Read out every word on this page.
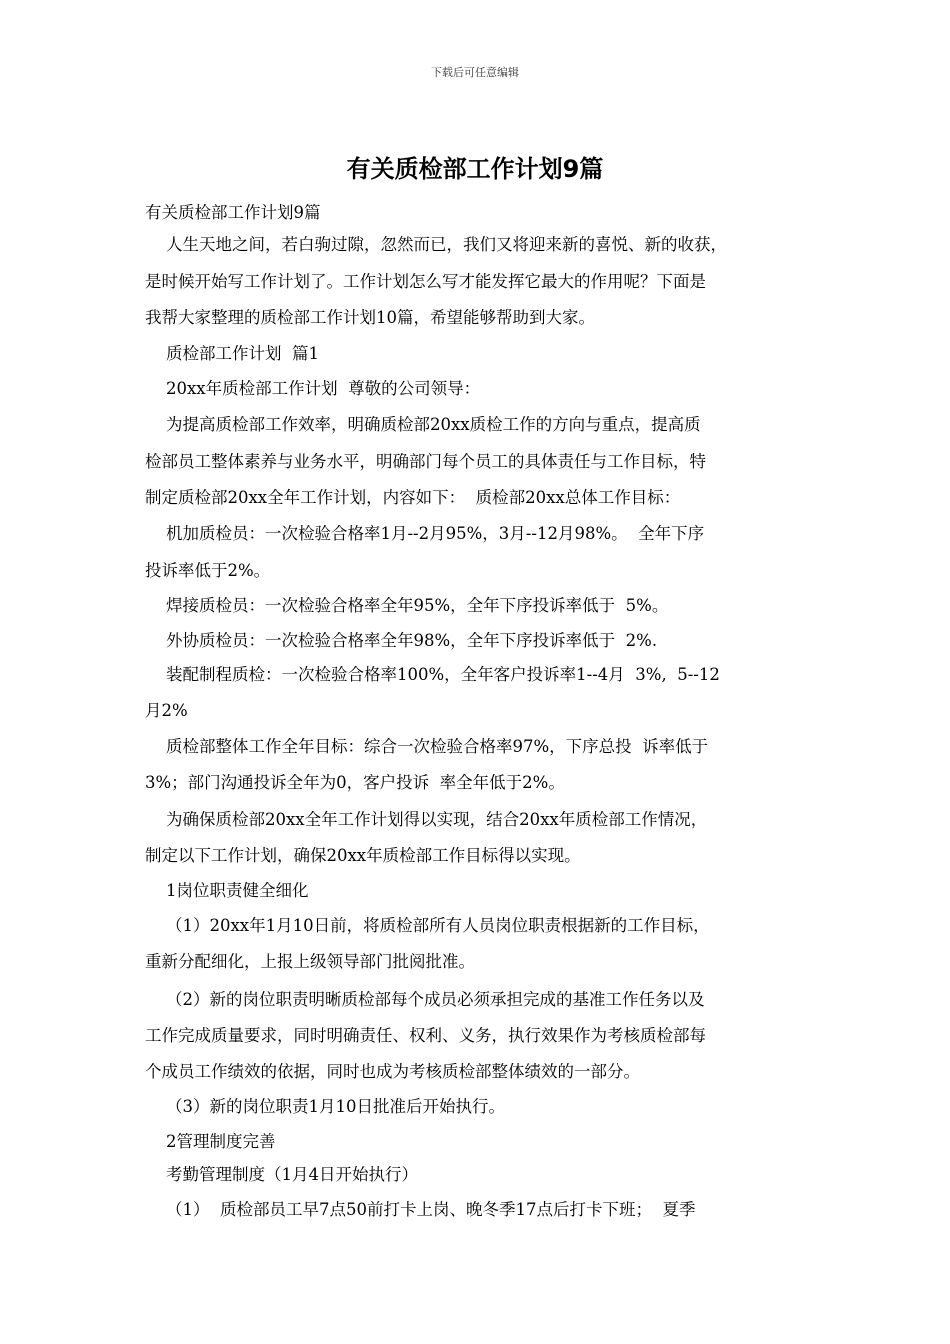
下载后可任意编辑
有关质检部工作计划9篇
有关质检部工作计划9篇
人生天地之间，若白驹过隙，忽然而已，我们又将迎来新的喜悦、新的收获，
是时候开始写工作计划了。工作计划怎么写才能发挥它最大的作用呢？下面是
我帮大家整理的质检部工作计划10篇，希望能够帮助到大家。
质检部工作计划  篇1
20xx年质检部工作计划  尊敬的公司领导：
为提高质检部工作效率，明确质检部20xx质检工作的方向与重点，提高质
检部员工整体素养与业务水平，明确部门每个员工的具体责任与工作目标，特
制定质检部20xx全年工作计划，内容如下：  质检部20xx总体工作目标：
机加质检员：一次检验合格率1月--2月95%，3月--12月98%。  全年下序
投诉率低于2%。
焊接质检员：一次检验合格率全年95%，全年下序投诉率低于  5%。
外协质检员：一次检验合格率全年98%，全年下序投诉率低于  2%.
装配制程质检：一次检验合格率100%，全年客户投诉率1--4月  3%,  5--12
月2%
质检部整体工作全年目标：综合一次检验合格率97%，下序总投  诉率低于
3%；部门沟通投诉全年为0，客户投诉  率全年低于2%。
为确保质检部20xx全年工作计划得以实现，结合20xx年质检部工作情况，
制定以下工作计划，确保20xx年质检部工作目标得以实现。
1岗位职责健全细化
（1）20xx年1月10日前，将质检部所有人员岗位职责根据新的工作目标，
重新分配细化，上报上级领导部门批阅批准。
（2）新的岗位职责明晰质检部每个成员必须承担完成的基准工作任务以及
工作完成质量要求，同时明确责任、权利、义务，执行效果作为考核质检部每
个成员工作绩效的依据，同时也成为考核质检部整体绩效的一部分。
（3）新的岗位职责1月10日批准后开始执行。
2管理制度完善
考勤管理制度（1月4日开始执行）
（1）  质检部员工早7点50前打卡上岗、晚冬季17点后打卡下班；  夏季
